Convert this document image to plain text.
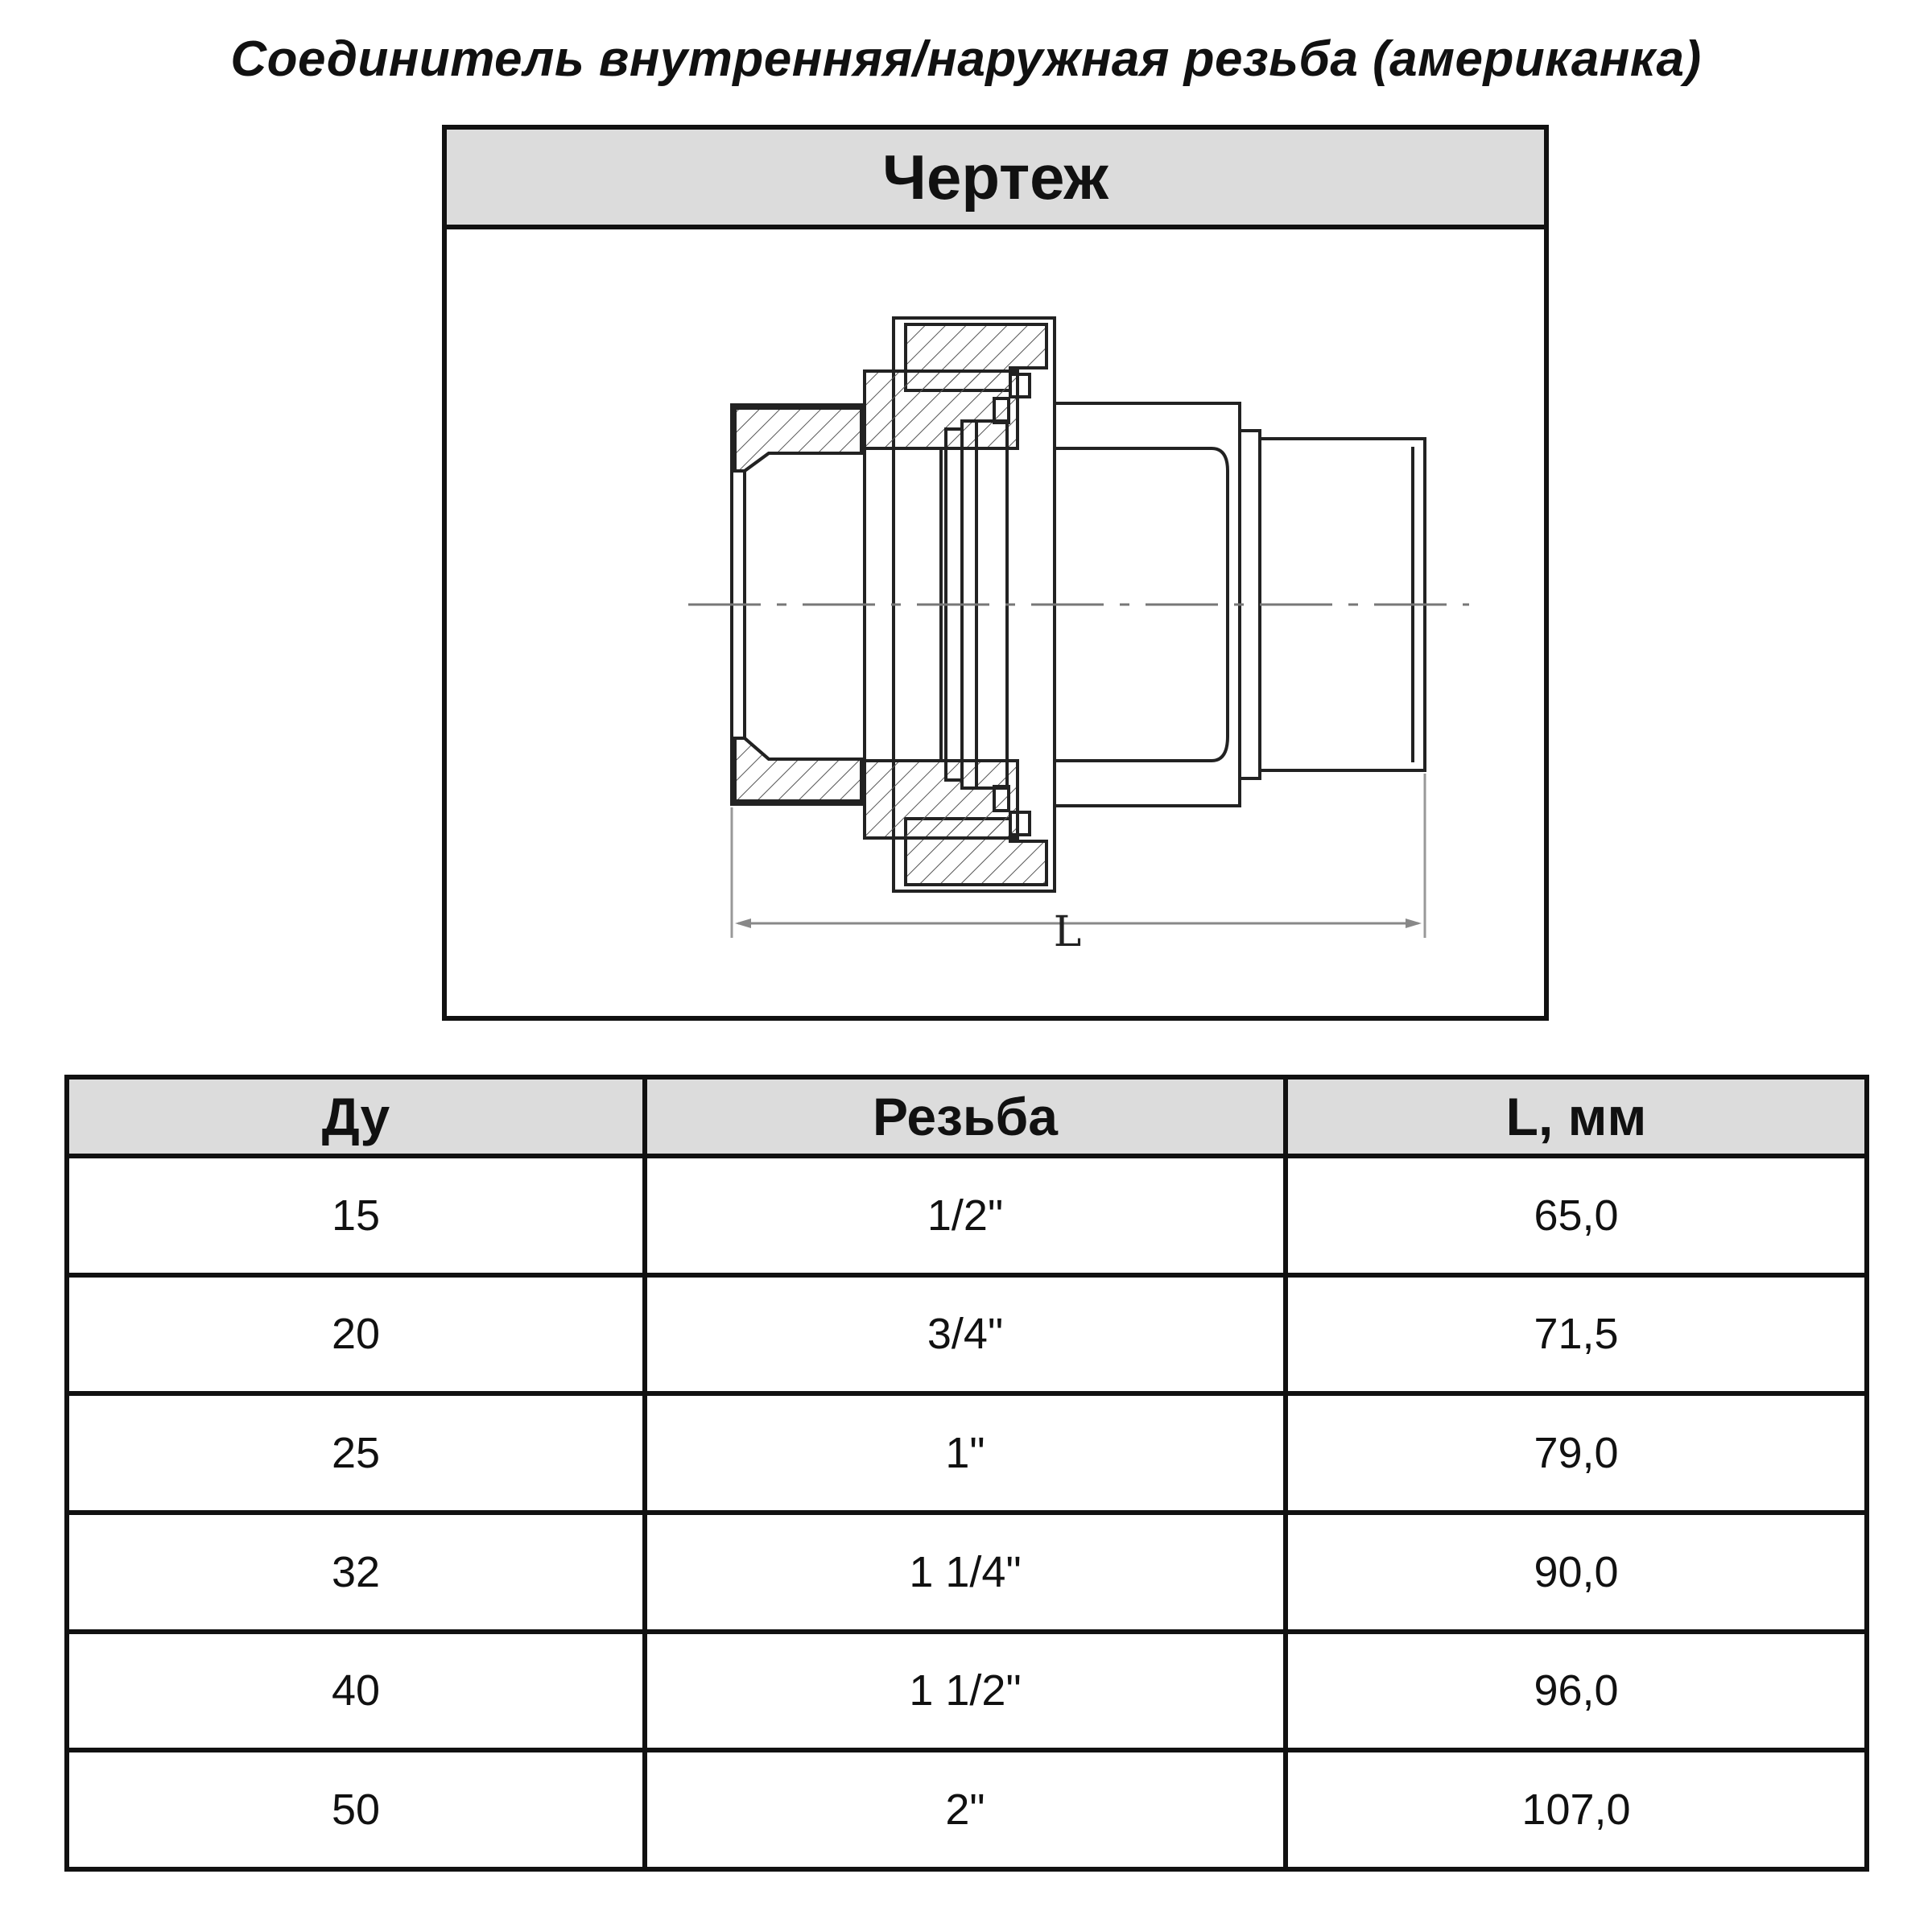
Соединитель внутренняя/наружная резьба (американка)
Чертеж
L
Ду	Резьба	L, мм
15	1/2"	65,0
20	3/4"	71,5
25	1"	79,0
32	1 1/4"	90,0
40	1 1/2"	96,0
50	2"	107,0
